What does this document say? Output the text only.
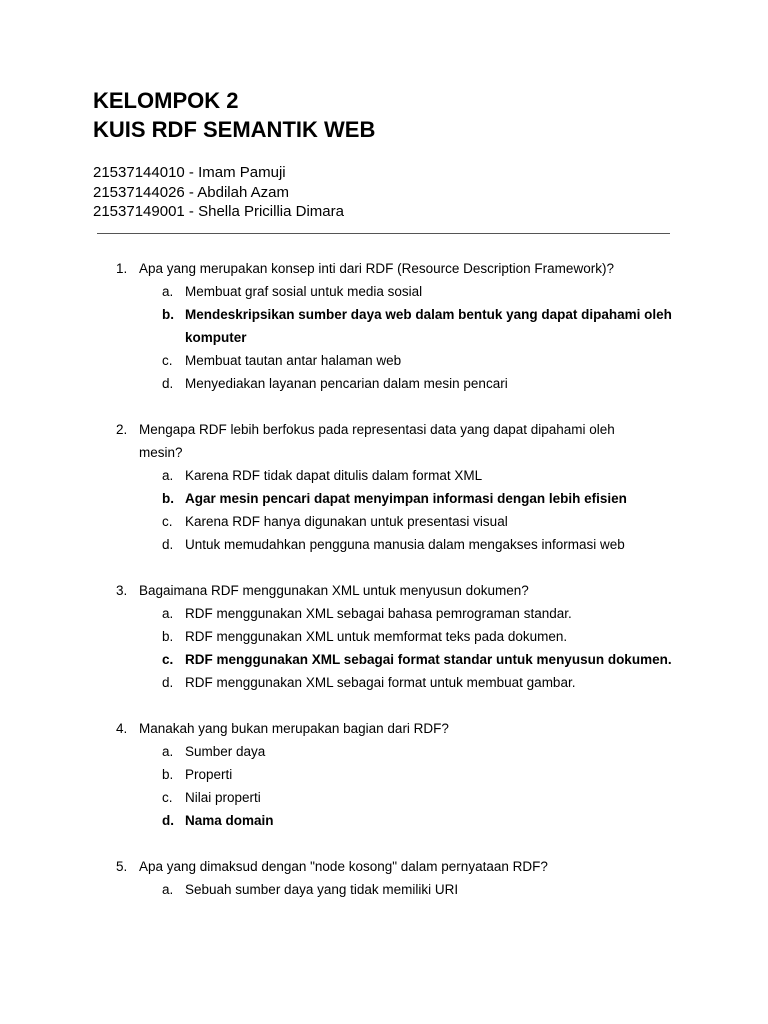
KELOMPOK 2
KUIS RDF SEMANTIK WEB
21537144010 - Imam Pamuji
21537144026 - Abdilah Azam
21537149001 - Shella Pricillia Dimara
1. Apa yang merupakan konsep inti dari RDF (Resource Description Framework)?
a. Membuat graf sosial untuk media sosial
b. Mendeskripsikan sumber daya web dalam bentuk yang dapat dipahami oleh komputer
c. Membuat tautan antar halaman web
d. Menyediakan layanan pencarian dalam mesin pencari
2. Mengapa RDF lebih berfokus pada representasi data yang dapat dipahami oleh mesin?
a. Karena RDF tidak dapat ditulis dalam format XML
b. Agar mesin pencari dapat menyimpan informasi dengan lebih efisien
c. Karena RDF hanya digunakan untuk presentasi visual
d. Untuk memudahkan pengguna manusia dalam mengakses informasi web
3. Bagaimana RDF menggunakan XML untuk menyusun dokumen?
a. RDF menggunakan XML sebagai bahasa pemrograman standar.
b. RDF menggunakan XML untuk memformat teks pada dokumen.
c. RDF menggunakan XML sebagai format standar untuk menyusun dokumen.
d. RDF menggunakan XML sebagai format untuk membuat gambar.
4. Manakah yang bukan merupakan bagian dari RDF?
a. Sumber daya
b. Properti
c. Nilai properti
d. Nama domain
5. Apa yang dimaksud dengan "node kosong" dalam pernyataan RDF?
a. Sebuah sumber daya yang tidak memiliki URI
